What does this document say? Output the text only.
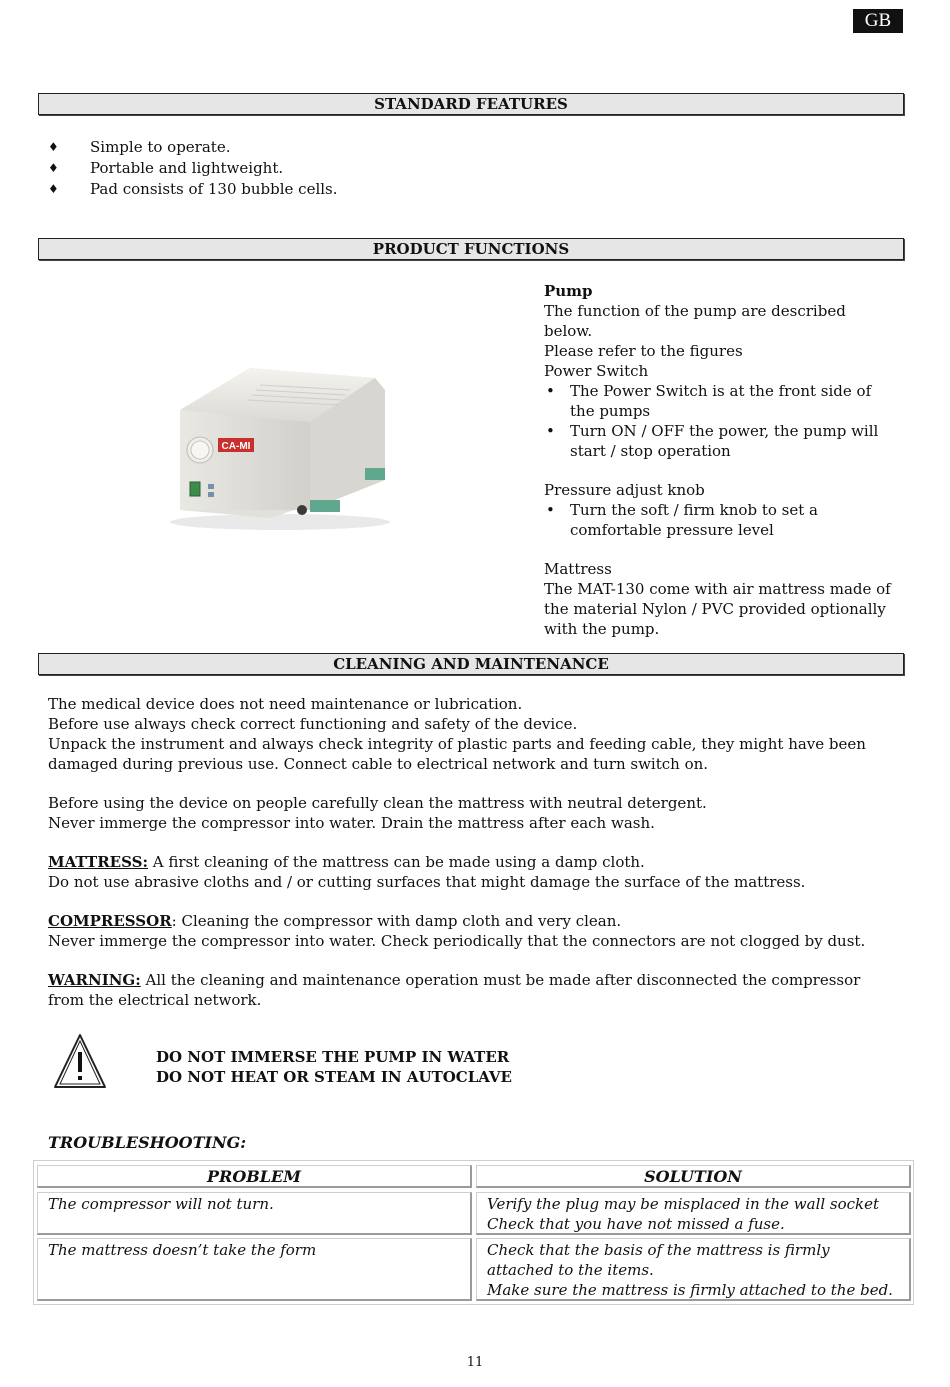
GB
STANDARD FEATURES
♦ Simple to operate.
♦ Portable and lightweight.
♦ Pad consists of 130 bubble cells.
PRODUCT FUNCTIONS
CA-MI

Pump

The function of the pump are described below.

Please refer to the figures

Power Switch

• The Power Switch is at the front side of the pumps
• Turn ON / OFF the power, the pump will start / stop operation

Pressure adjust knob

• Turn the soft / firm knob to set a comfortable pressure level

Mattress

The MAT-130 come with air mattress made of the material Nylon / PVC provided optionally with the pump.

CLEANING AND MAINTENANCE

The medical device does not need maintenance or lubrication.

Before use always check correct functioning and safety of the device.

Unpack the instrument and always check integrity of plastic parts and feeding cable, they might have been damaged during previous use. Connect cable to electrical network and turn switch on.

Before using the device on people carefully clean the mattress with neutral detergent.

Never immerge the compressor into water. Drain the mattress after each wash.

MATTRESS: A first cleaning of the mattress can be made using a damp cloth.

Do not use abrasive cloths and / or cutting surfaces that might damage the surface of the mattress.

COMPRESSOR: Cleaning the compressor with damp cloth and very clean.

Never immerge the compressor into water. Check periodically that the connectors are not clogged by dust.

WARNING: All the cleaning and maintenance operation must be made after disconnected the compressor from the electrical network.

DO NOT IMMERSE THE PUMP IN WATER
DO NOT HEAT OR STEAM IN AUTOCLAVE
TROUBLESHOOTING:
PROBLEM	SOLUTION
The compressor will not turn.	Verify the plug may be misplaced in the wall socket
Check that you have not missed a fuse.
The mattress doesn’t take the form	Check that the basis of the mattress is firmly attached to the items.
Make sure the mattress is firmly attached to the bed.
11
